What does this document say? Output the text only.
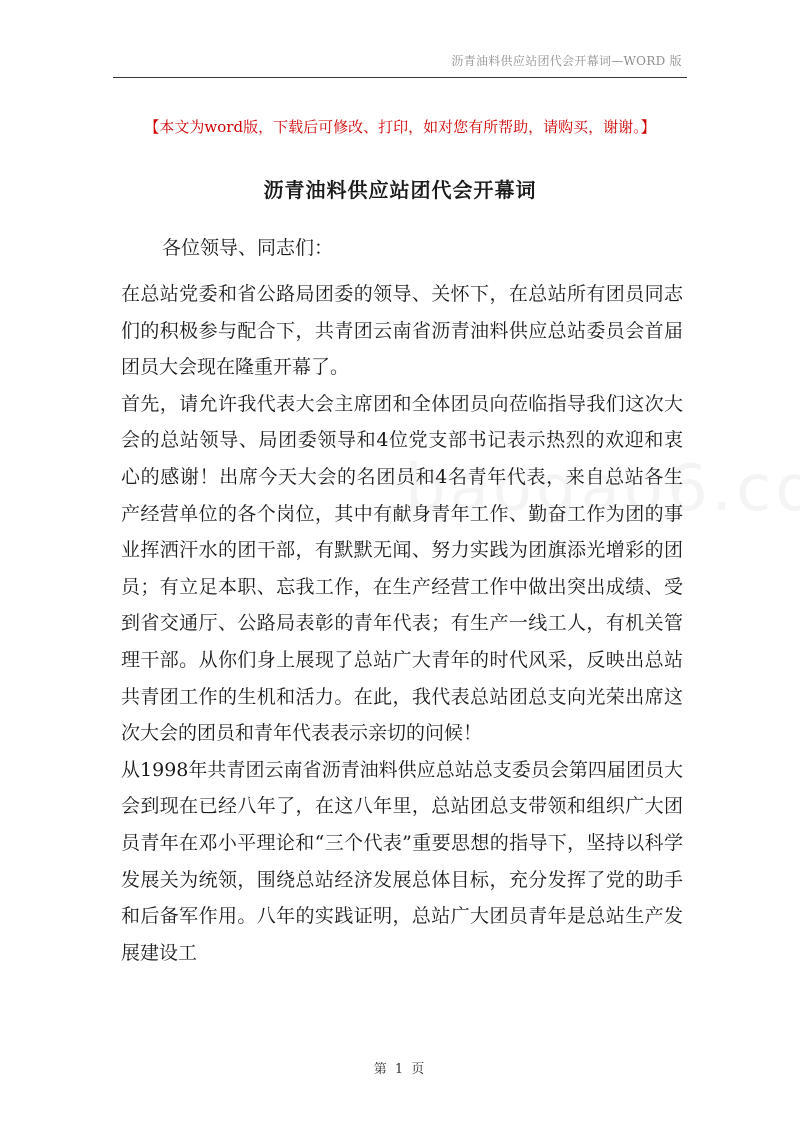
沥青油料供应站团代会开幕词—WORD 版
【本文为word版，下载后可修改、打印，如对您有所帮助，请购买，谢谢。】
沥青油料供应站团代会开幕词
各位领导、同志们：

在总站党委和省公路局团委的领导、关怀下，在总站所有团员同志们的积极参与配合下，共青团云南省沥青油料供应总站委员会首届团员大会现在隆重开幕了。

首先，请允许我代表大会主席团和全体团员向莅临指导我们这次大会的总站领导、局团委领导和4位党支部书记表示热烈的欢迎和衷心的感谢！出席今天大会的名团员和4名青年代表，来自总站各生产经营单位的各个岗位，其中有献身青年工作、勤奋工作为团的事业挥洒汗水的团干部，有默默无闻、努力实践为团旗添光增彩的团员；有立足本职、忘我工作，在生产经营工作中做出突出成绩、受到省交通厅、公路局表彰的青年代表；有生产一线工人，有机关管理干部。从你们身上展现了总站广大青年的时代风采，反映出总站共青团工作的生机和活力。在此，我代表总站团总支向光荣出席这次大会的团员和青年代表表示亲切的问候！

从1998年共青团云南省沥青油料供应总站总支委员会第四届团员大会到现在已经八年了，在这八年里，总站团总支带领和组织广大团员青年在邓小平理论和“三个代表”重要思想的指导下，坚持以科学发展关为统领，围绕总站经济发展总体目标，充分发挥了党的助手和后备军作用。八年的实践证明，总站广大团员青年是总站生产发展建设工

第 1 页
